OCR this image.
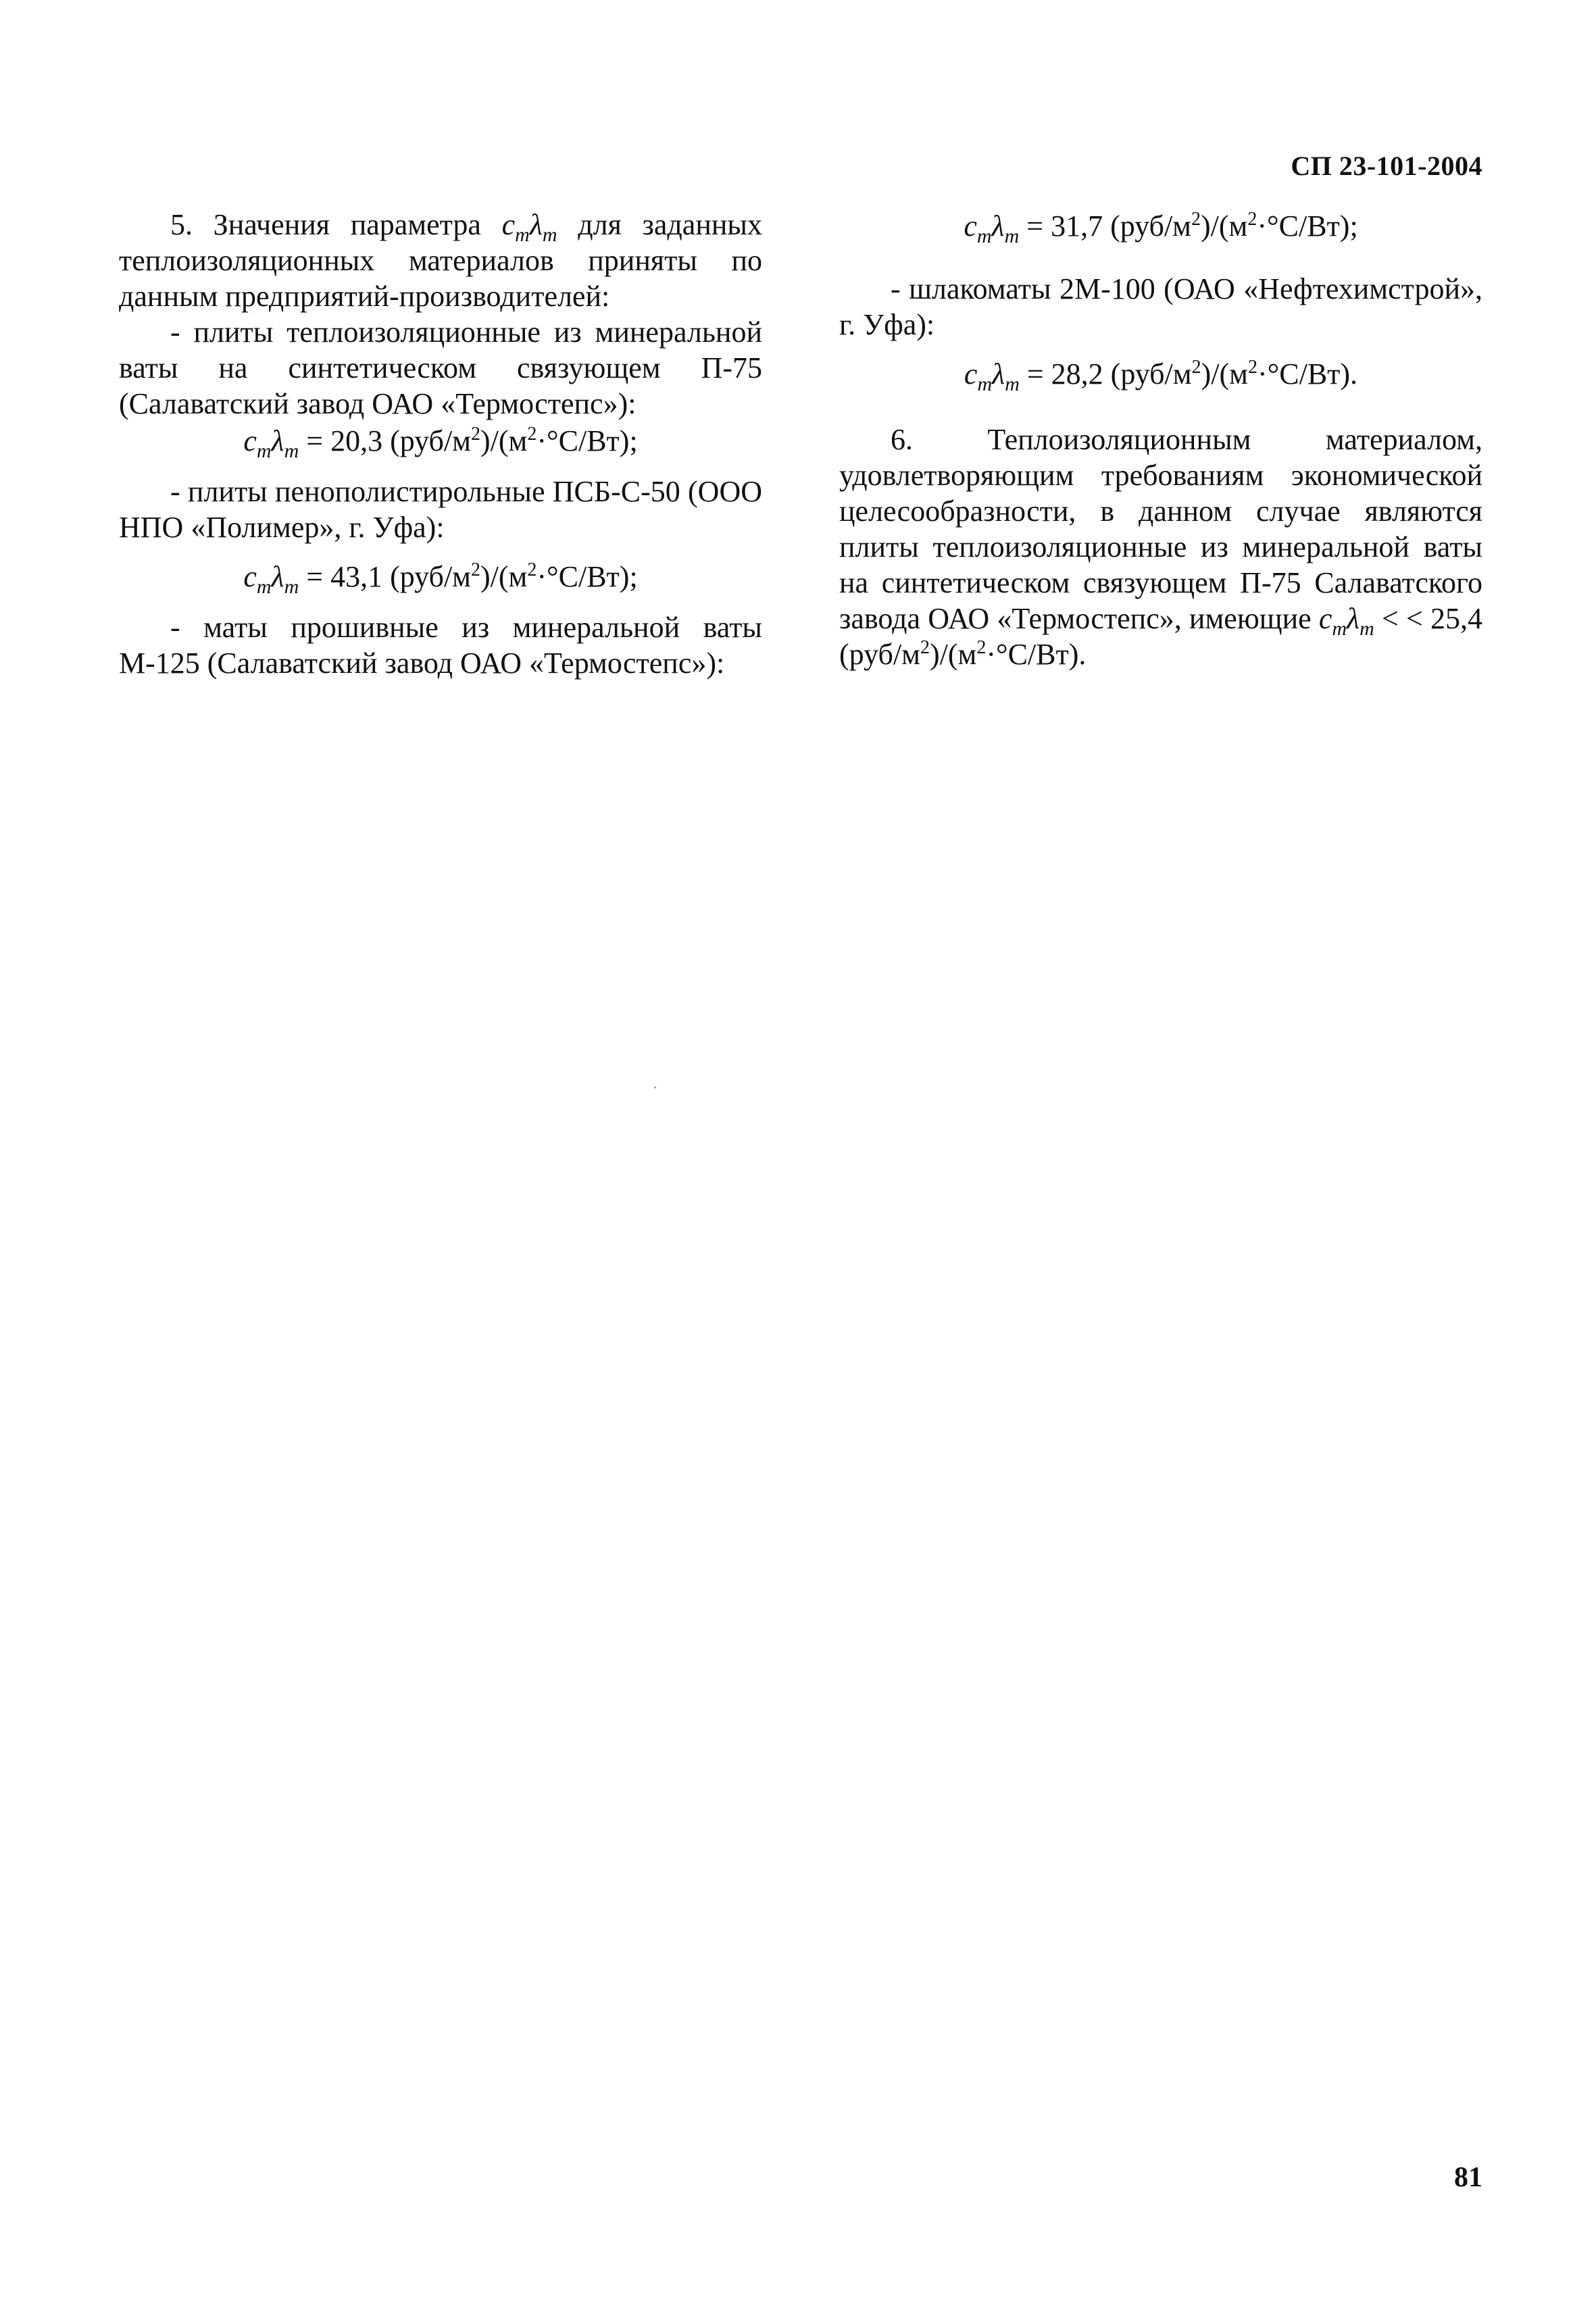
СП 23-101-2004

5. Значения параметра $c_m\lambda_m$ для заданных теплоизоляционных материалов приняты по данным предприятий-производителей:

- плиты теплоизоляционные из минеральной ваты на синтетическом связующем П-75 (Салаватский завод ОАО «Термостепс»):

$c_m\lambda_m = 20,3$ $(руб/м^2)/(м^2\cdot^\circ C/Вт)$;

- плиты пенополистирольные ПСБ-С-50 (ООО НПО «Полимер», г. Уфа):

$c_m\lambda_m = 43,1$ $(руб/м^2)/(м^2\cdot^\circ C/Вт)$;

- маты прошивные из минеральной ваты М-125 (Салаватский завод ОАО «Термостепс»):

$c_m\lambda_m = 31,7$ $(руб/м^2)/(м^2\cdot^\circ C/Вт)$;

- шлакоматы 2М-100 (ОАО «Нефтехимстрой», г. Уфа):

$c_m\lambda_m = 28,2$ $(руб/м^2)/(м^2\cdot^\circ C/Вт)$.

6. Теплоизоляционным материалом, удовлетворяющим требованиям экономической целесообразности, в данном случае являются плиты теплоизоляционные из минеральной ваты на синтетическом связующем П-75 Салаватского завода ОАО «Термостепс», имеющие $c_m\lambda_m$ < < 25,4 $(руб/м^2)/(м^2\cdot^\circ C/Вт)$.

81
